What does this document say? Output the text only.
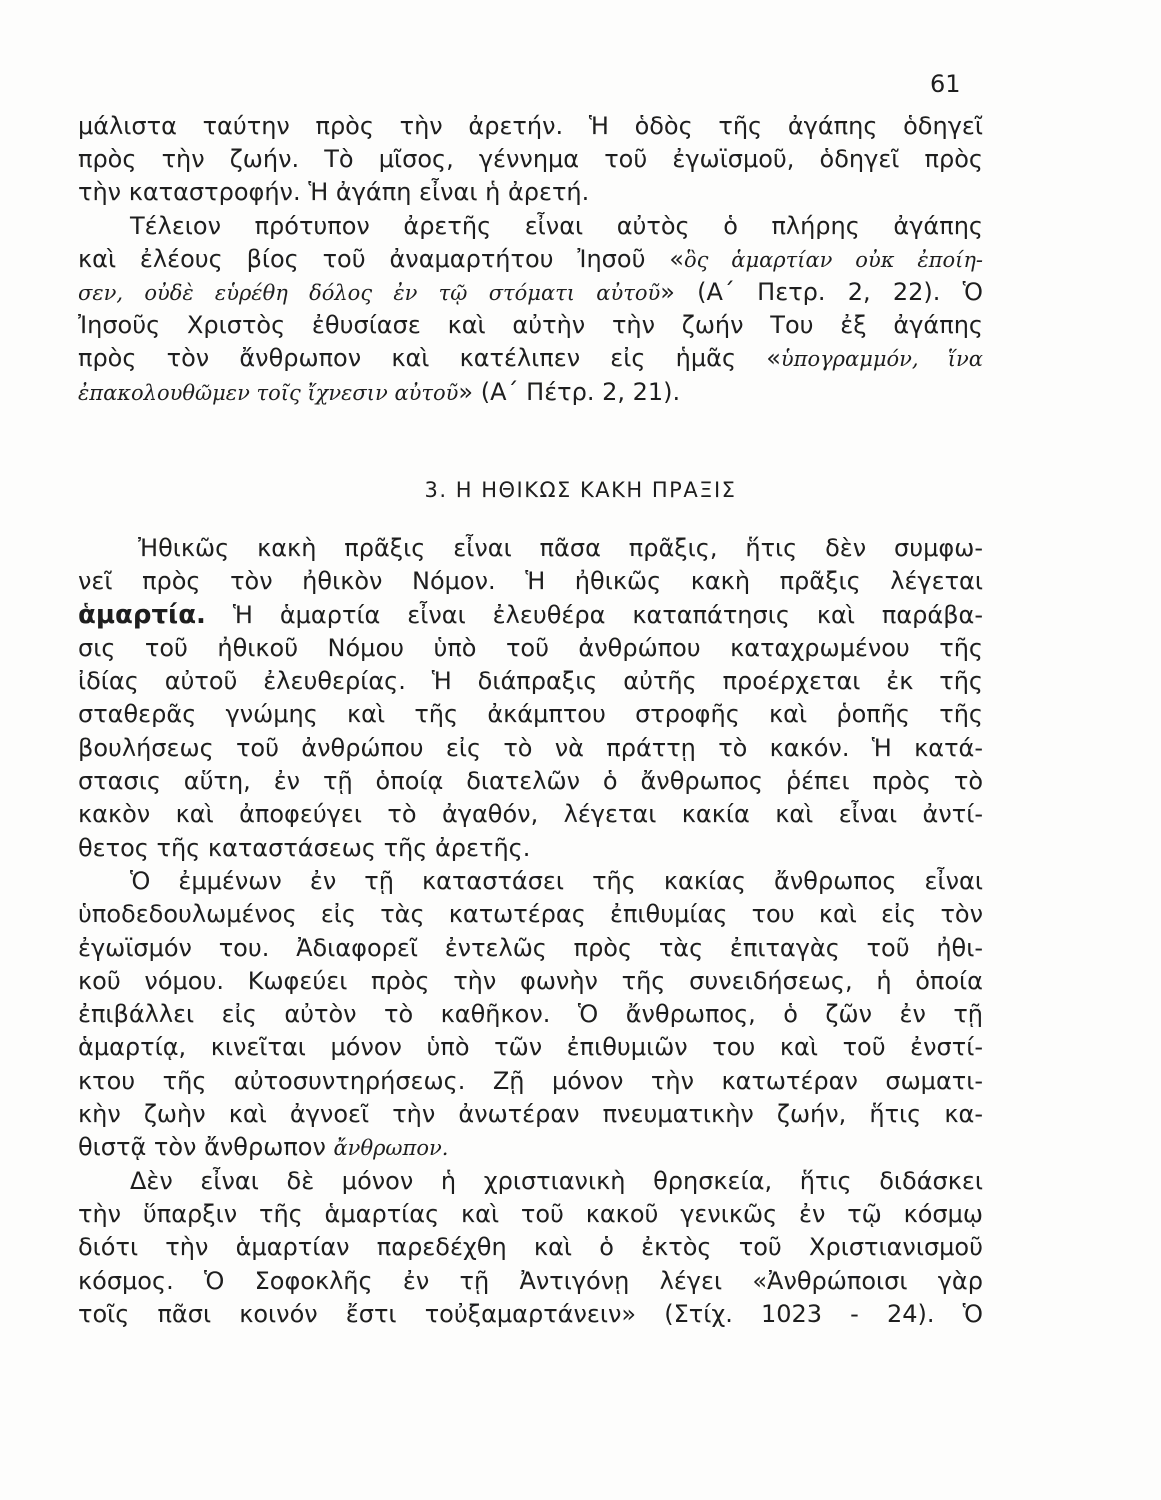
61
μάλιστα ταύτην πρὸς τὴν ἀρετήν. Ἡ ὁδὸς τῆς ἀγάπης ὁδηγεῖ
πρὸς τὴν ζωήν. Τὸ μῖσος, γέννημα τοῦ ἐγωϊσμοῦ, ὁδηγεῖ πρὸς
τὴν καταστροφήν. Ἡ ἀγάπη εἶναι ἡ ἀρετή.
Τέλειον πρότυπον ἀρετῆς εἶναι αὐτὸς ὁ πλήρης ἀγάπης
καὶ ἐλέους βίος τοῦ ἀναμαρτήτου Ἰησοῦ «ὃς ἁμαρτίαν οὐκ ἐποίη-
σεν, οὐδὲ εὑρέθη δόλος ἐν τῷ στόματι αὐτοῦ» (Α΄ Πετρ. 2, 22). Ὁ
Ἰησοῦς Χριστὸς ἐθυσίασε καὶ αὐτὴν τὴν ζωήν Του ἐξ ἀγάπης
πρὸς τὸν ἄνθρωπον καὶ κατέλιπεν εἰς ἡμᾶς «ὑπογραμμόν, ἵνα
ἐπακολουθῶμεν τοῖς ἴχνεσιν αὐτοῦ» (Α΄ Πέτρ. 2, 21).
3. Η ΗΘΙΚΩΣ ΚΑΚΗ ΠΡΑΞΙΣ
Ἠθικῶς κακὴ πρᾶξις εἶναι πᾶσα πρᾶξις, ἥτις δὲν συμφω-
νεῖ πρὸς τὸν ἠθικὸν Νόμον. Ἡ ἠθικῶς κακὴ πρᾶξις λέγεται
ἁμαρτία. Ἡ ἁμαρτία εἶναι ἐλευθέρα καταπάτησις καὶ παράβα-
σις τοῦ ἠθικοῦ Νόμου ὑπὸ τοῦ ἀνθρώπου καταχρωμένου τῆς
ἰδίας αὐτοῦ ἐλευθερίας. Ἡ διάπραξις αὐτῆς προέρχεται ἐκ τῆς
σταθερᾶς γνώμης καὶ τῆς ἀκάμπτου στροφῆς καὶ ῥοπῆς τῆς
βουλήσεως τοῦ ἀνθρώπου εἰς τὸ νὰ πράττῃ τὸ κακόν. Ἡ κατά-
στασις αὕτη, ἐν τῇ ὁποίᾳ διατελῶν ὁ ἄνθρωπος ῥέπει πρὸς τὸ
κακὸν καὶ ἀποφεύγει τὸ ἀγαθόν, λέγεται κακία καὶ εἶναι ἀντί-
θετος τῆς καταστάσεως τῆς ἀρετῆς.
Ὁ ἐμμένων ἐν τῇ καταστάσει τῆς κακίας ἄνθρωπος εἶναι
ὑποδεδουλωμένος εἰς τὰς κατωτέρας ἐπιθυμίας του καὶ εἰς τὸν
ἐγωϊσμόν του. Ἀδιαφορεῖ ἐντελῶς πρὸς τὰς ἐπιταγὰς τοῦ ἠθι-
κοῦ νόμου. Κωφεύει πρὸς τὴν φωνὴν τῆς συνειδήσεως, ἡ ὁποία
ἐπιβάλλει εἰς αὐτὸν τὸ καθῆκον. Ὁ ἄνθρωπος, ὁ ζῶν ἐν τῇ
ἁμαρτίᾳ, κινεῖται μόνον ὑπὸ τῶν ἐπιθυμιῶν του καὶ τοῦ ἐνστί-
κτου τῆς αὐτοσυντηρήσεως. Ζῇ μόνον τὴν κατωτέραν σωματι-
κὴν ζωὴν καὶ ἀγνοεῖ τὴν ἀνωτέραν πνευματικὴν ζωήν, ἥτις κα-
θιστᾷ τὸν ἄνθρωπον ἄνθρωπον.
Δὲν εἶναι δὲ μόνον ἡ χριστιανικὴ θρησκεία, ἥτις διδάσκει
τὴν ὕπαρξιν τῆς ἁμαρτίας καὶ τοῦ κακοῦ γενικῶς ἐν τῷ κόσμῳ
διότι τὴν ἁμαρτίαν παρεδέχθη καὶ ὁ ἐκτὸς τοῦ Χριστιανισμοῦ
κόσμος. Ὁ Σοφοκλῆς ἐν τῇ Ἀντιγόνῃ λέγει «Ἀνθρώποισι γὰρ
τοῖς πᾶσι κοινόν ἔστι τοὐξαμαρτάνειν» (Στίχ. 1023 - 24). Ὁ
